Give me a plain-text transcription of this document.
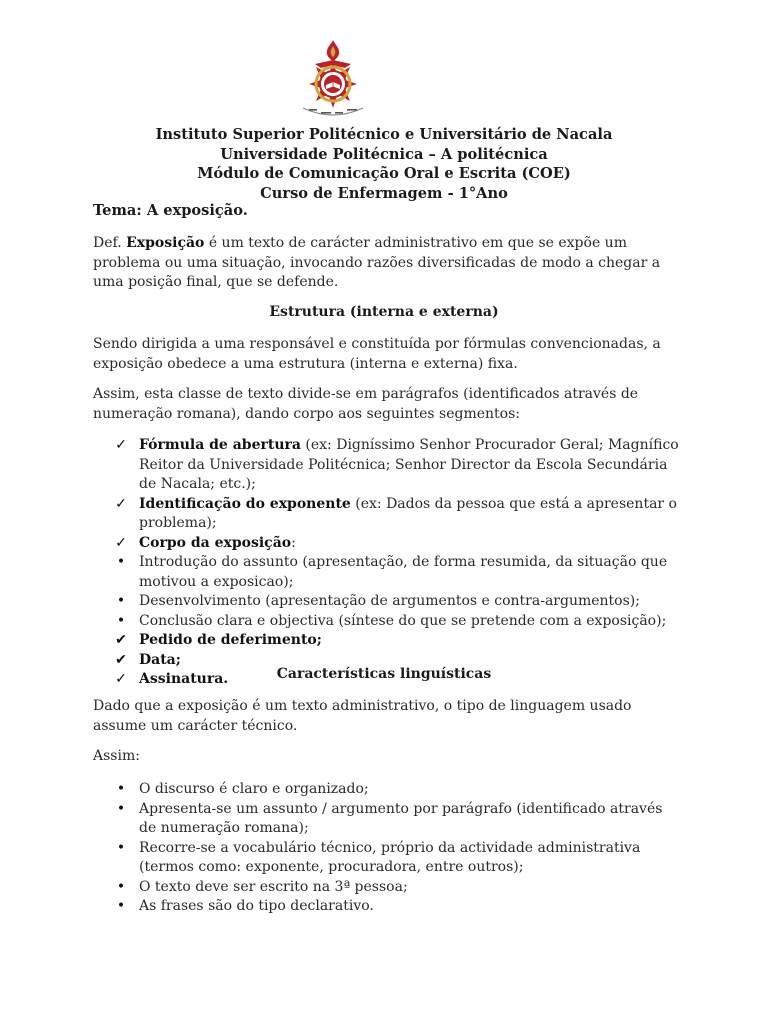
Instituto Superior Politécnico e Universitário de Nacala
Universidade Politécnica – A politécnica
Módulo de Comunicação Oral e Escrita (COE)
Curso de Enfermagem - 1°Ano
Tema: A exposição.
Def. Exposição é um texto de carácter administrativo em que se expõe um problema ou uma situação, invocando razões diversificadas de modo a chegar a uma posição final, que se defende.
Estrutura (interna e externa)
Sendo dirigida a uma responsável e constituída por fórmulas convencionadas, a exposição obedece a uma estrutura (interna e externa) fixa.
Assim, esta classe de texto divide-se em parágrafos (identificados através de numeração romana), dando corpo aos seguintes segmentos:
✓ Fórmula de abertura (ex: Digníssimo Senhor Procurador Geral; Magnífico Reitor da Universidade Politécnica; Senhor Director da Escola Secundária de Nacala; etc.);
✓ Identificação do exponente (ex: Dados da pessoa que está a apresentar o problema);
✓ Corpo da exposição:
• Introdução do assunto (apresentação, de forma resumida, da situação que motivou a exposicao);
• Desenvolvimento (apresentação de argumentos e contra-argumentos);
• Conclusão clara e objectiva (síntese do que se pretende com a exposição);
✔ Pedido de deferimento;
✔ Data;
✓ Assinatura.	Características linguísticas
Dado que a exposição é um texto administrativo, o tipo de linguagem usado assume um carácter técnico.
Assim:
• O discurso é claro e organizado;
• Apresenta-se um assunto / argumento por parágrafo (identificado através de numeração romana);
• Recorre-se a vocabulário técnico, próprio da actividade administrativa (termos como: exponente, procuradora, entre outros);
• O texto deve ser escrito na 3ª pessoa;
• As frases são do tipo declarativo.
